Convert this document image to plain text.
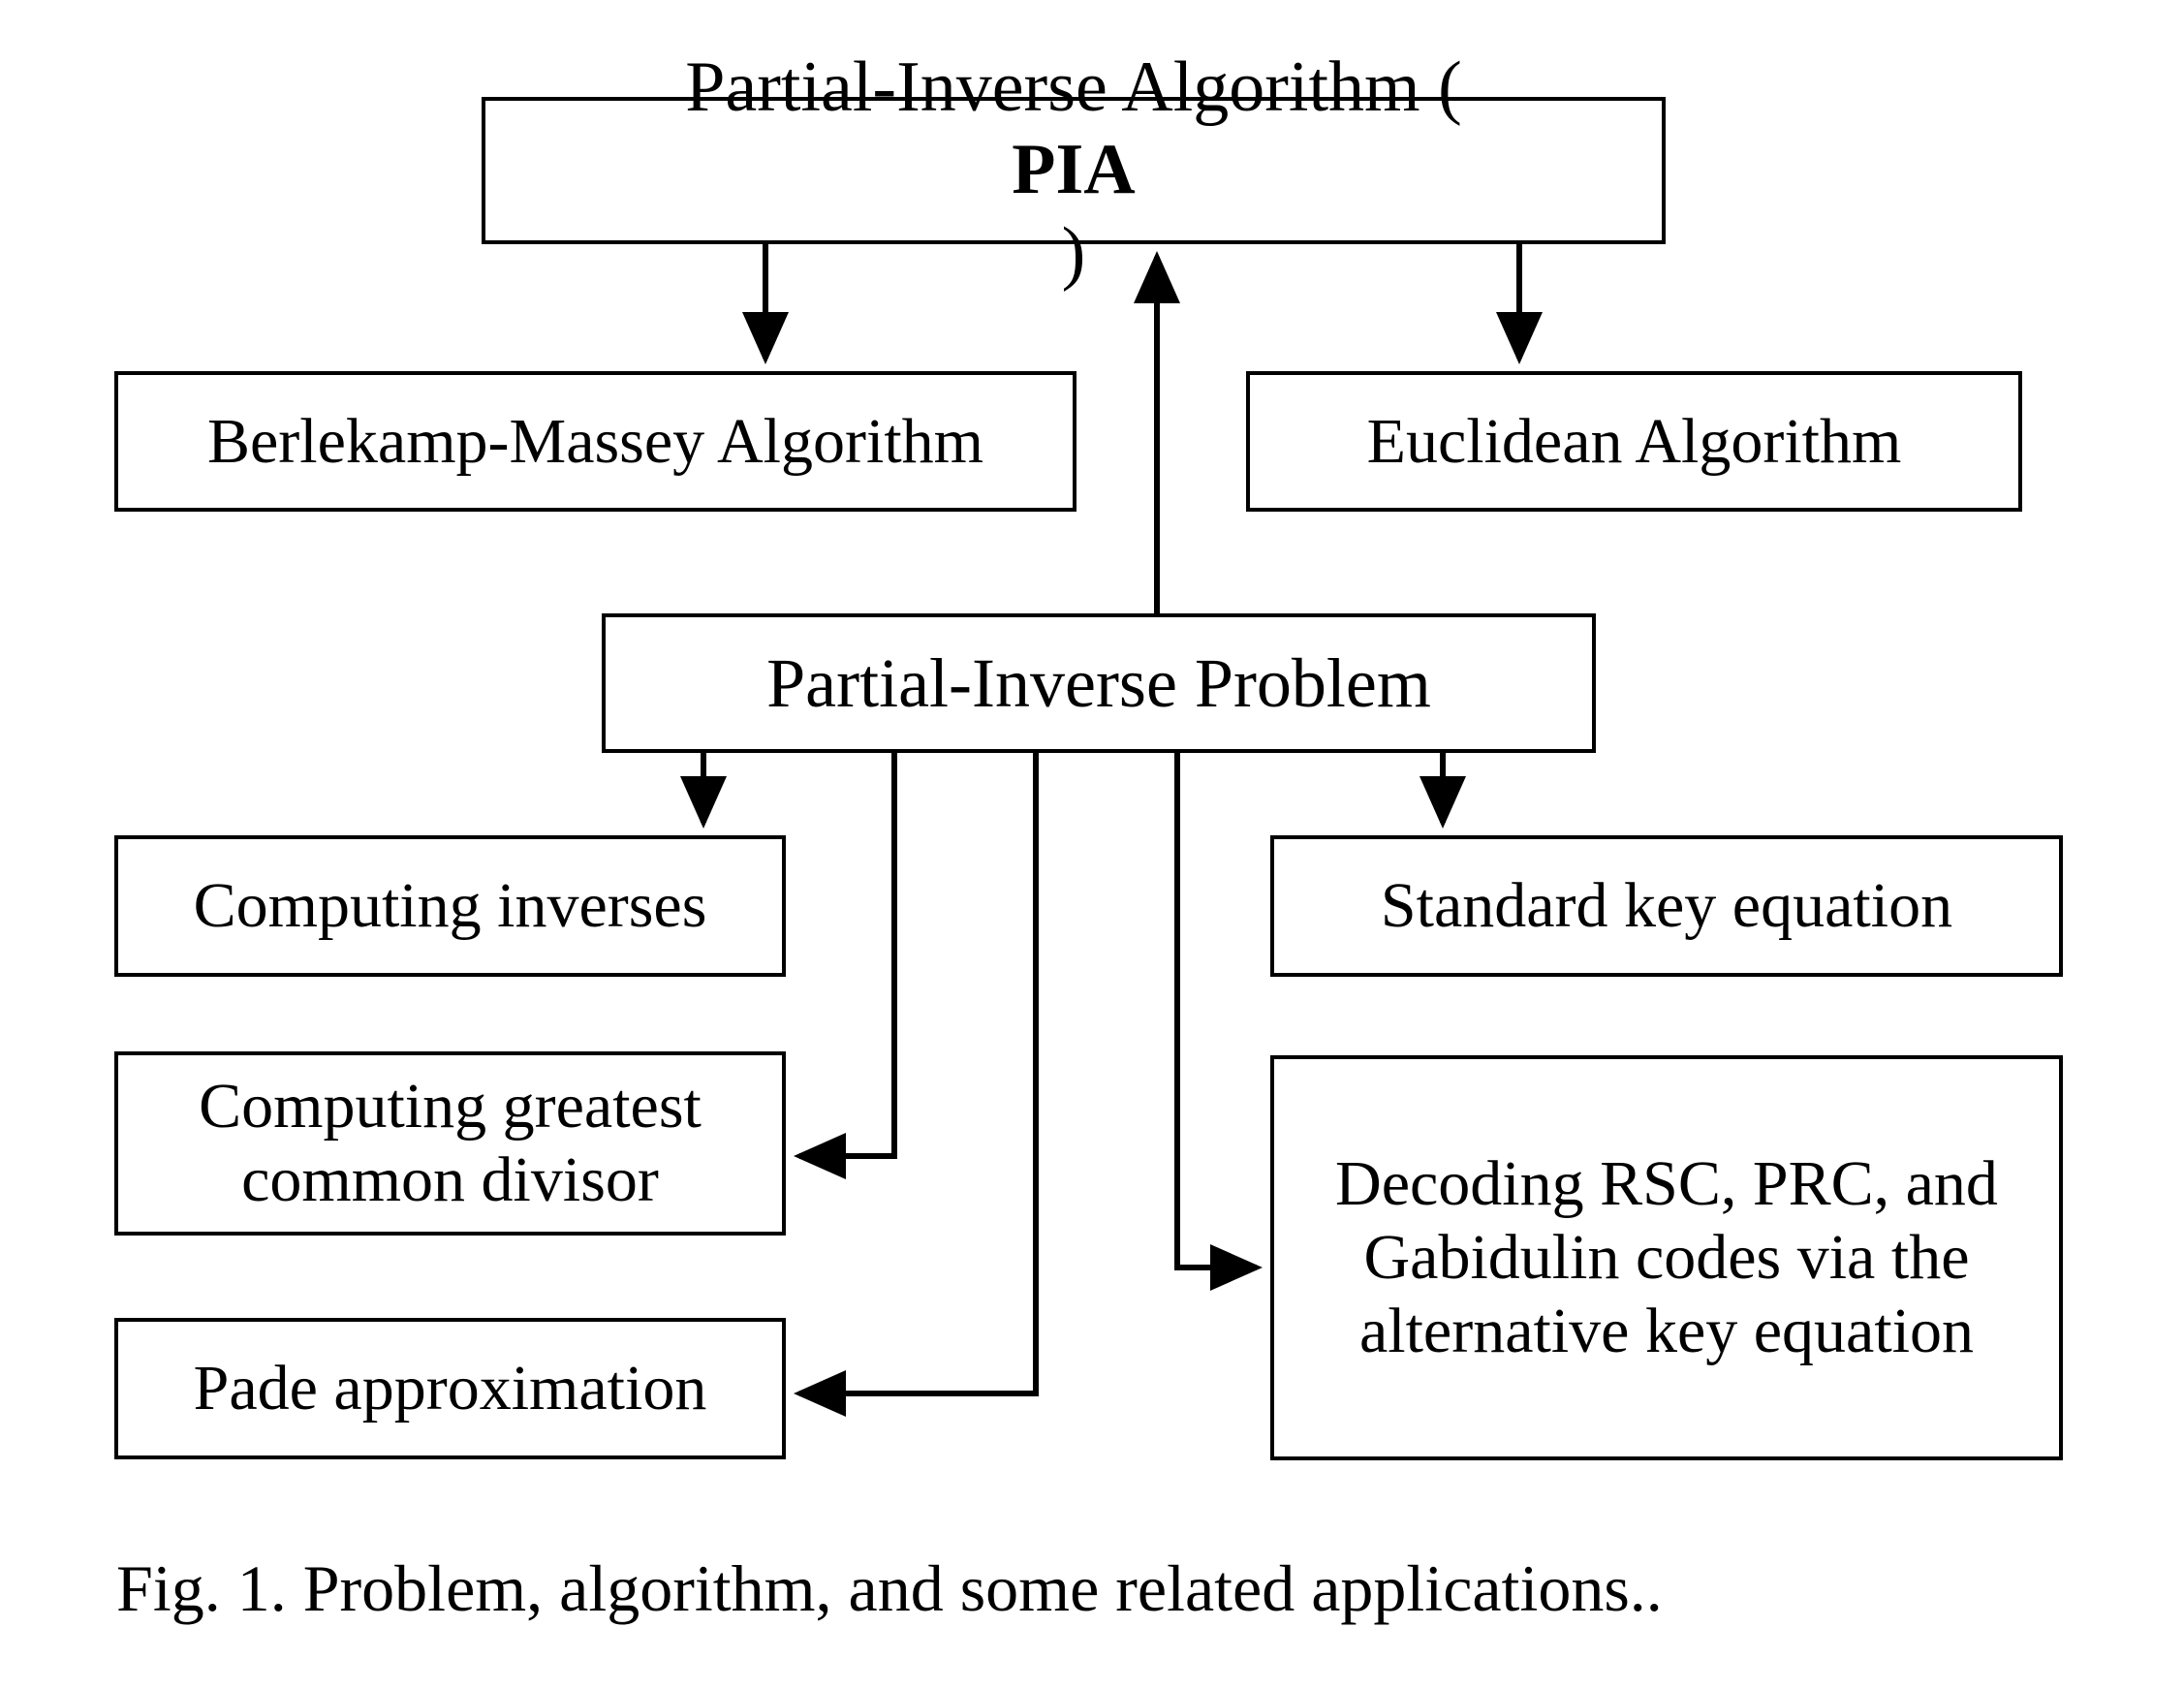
Partial-Inverse Algorithm (
PIA
)
Berlekamp-Massey Algorithm	Euclidean Algorithm
Partial-Inverse Problem
Computing inverses
Computing greatest
common divisor
Pade approximation
Standard key equation
Decoding RSC, PRC, and
Gabidulin codes via the
alternative key equation
Fig. 1. Problem, algorithm, and some related applications..
